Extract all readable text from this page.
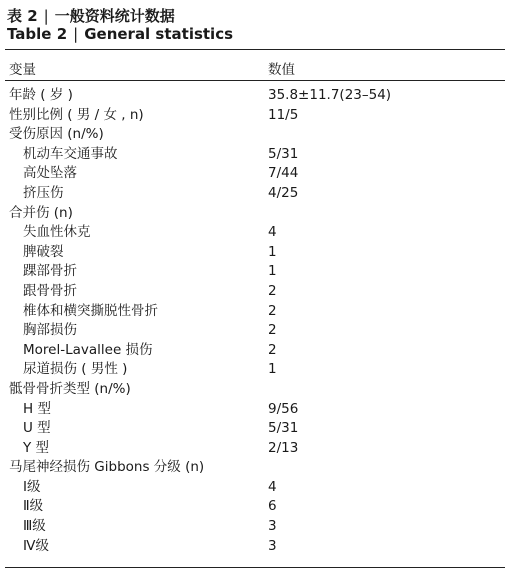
表 2 | 一般资料统计数据
Table 2 | General statistics
变量	数值
年龄 ( 岁 )	35.8±11.7(23–54)
性别比例 ( 男 / 女 , n)	11/5
受伤原因 (n/%)
机动车交通事故	5/31
高处坠落	7/44
挤压伤	4/25
合并伤 (n)
失血性休克	4
脾破裂	1
踝部骨折	1
跟骨骨折	2
椎体和横突撕脱性骨折	2
胸部损伤	2
Morel-Lavallee 损伤	2
尿道损伤 ( 男性 )	1
骶骨骨折类型 (n/%)
H 型	9/56
U 型	5/31
Y 型	2/13
马尾神经损伤 Gibbons 分级 (n)
Ⅰ级	4
Ⅱ级	6
Ⅲ级	3
Ⅳ级	3
